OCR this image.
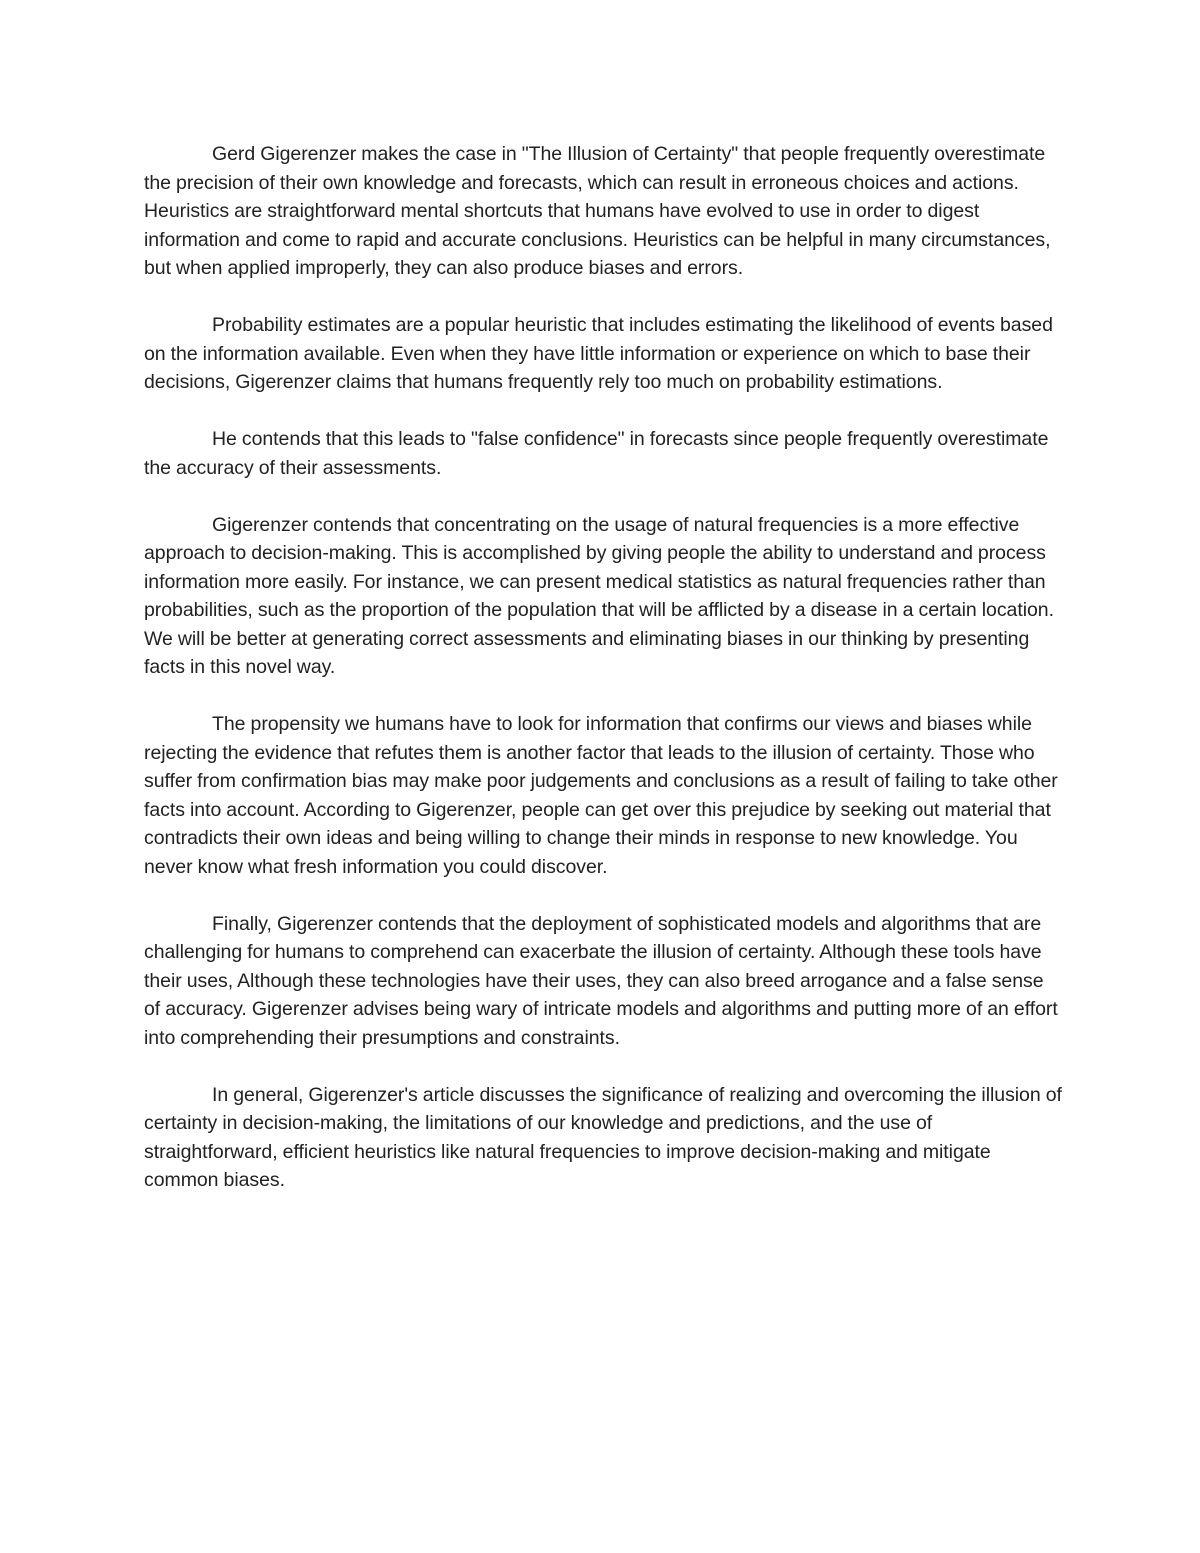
Gerd Gigerenzer makes the case in "The Illusion of Certainty" that people frequently overestimate the precision of their own knowledge and forecasts, which can result in erroneous choices and actions. Heuristics are straightforward mental shortcuts that humans have evolved to use in order to digest information and come to rapid and accurate conclusions. Heuristics can be helpful in many circumstances, but when applied improperly, they can also produce biases and errors.

Probability estimates are a popular heuristic that includes estimating the likelihood of events based on the information available. Even when they have little information or experience on which to base their decisions, Gigerenzer claims that humans frequently rely too much on probability estimations.

He contends that this leads to "false confidence" in forecasts since people frequently overestimate the accuracy of their assessments.

Gigerenzer contends that concentrating on the usage of natural frequencies is a more effective approach to decision-making. This is accomplished by giving people the ability to understand and process information more easily. For instance, we can present medical statistics as natural frequencies rather than probabilities, such as the proportion of the population that will be afflicted by a disease in a certain location. We will be better at generating correct assessments and eliminating biases in our thinking by presenting facts in this novel way.

The propensity we humans have to look for information that confirms our views and biases while rejecting the evidence that refutes them is another factor that leads to the illusion of certainty. Those who suffer from confirmation bias may make poor judgements and conclusions as a result of failing to take other facts into account. According to Gigerenzer, people can get over this prejudice by seeking out material that contradicts their own ideas and being willing to change their minds in response to new knowledge. You never know what fresh information you could discover.

Finally, Gigerenzer contends that the deployment of sophisticated models and algorithms that are challenging for humans to comprehend can exacerbate the illusion of certainty. Although these tools have their uses, Although these technologies have their uses, they can also breed arrogance and a false sense of accuracy. Gigerenzer advises being wary of intricate models and algorithms and putting more of an effort into comprehending their presumptions and constraints.

In general, Gigerenzer's article discusses the significance of realizing and overcoming the illusion of certainty in decision-making, the limitations of our knowledge and predictions, and the use of straightforward, efficient heuristics like natural frequencies to improve decision-making and mitigate common biases.
